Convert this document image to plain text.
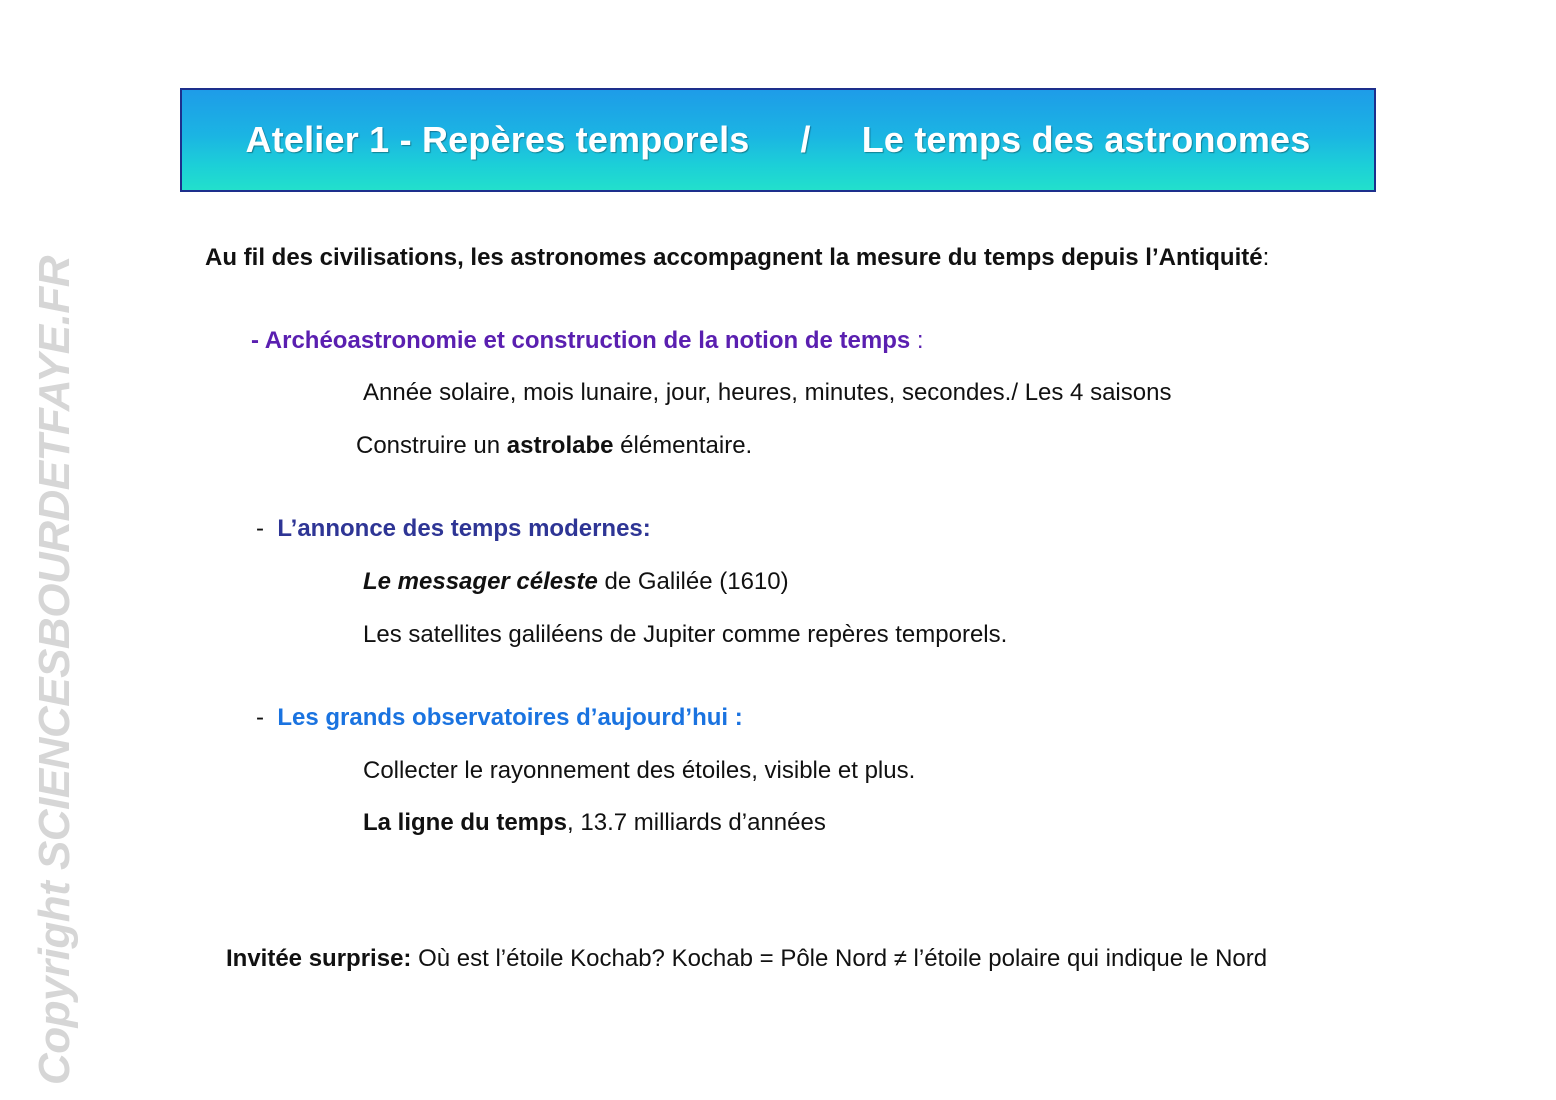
Atelier 1 - Repères temporels / Le temps des astronomes
Au fil des civilisations, les astronomes accompagnent la mesure du temps depuis l’Antiquité:
- Archéoastronomie et construction de la notion de temps :
Année solaire, mois lunaire, jour, heures, minutes, secondes./ Les 4 saisons
Construire un astrolabe élémentaire.
-  L’annonce des temps modernes:
Le messager céleste de Galilée (1610)
Les satellites galiléens de Jupiter comme repères temporels.
-  Les grands observatoires d’aujourd’hui :
Collecter le rayonnement des étoiles, visible et plus.
La ligne du temps, 13.7 milliards d’années
Invitée surprise: Où est l’étoile Kochab? Kochab = Pôle Nord ≠ l’étoile polaire qui indique le Nord
Copyright SCIENCESBOURDETFAYE.FR
